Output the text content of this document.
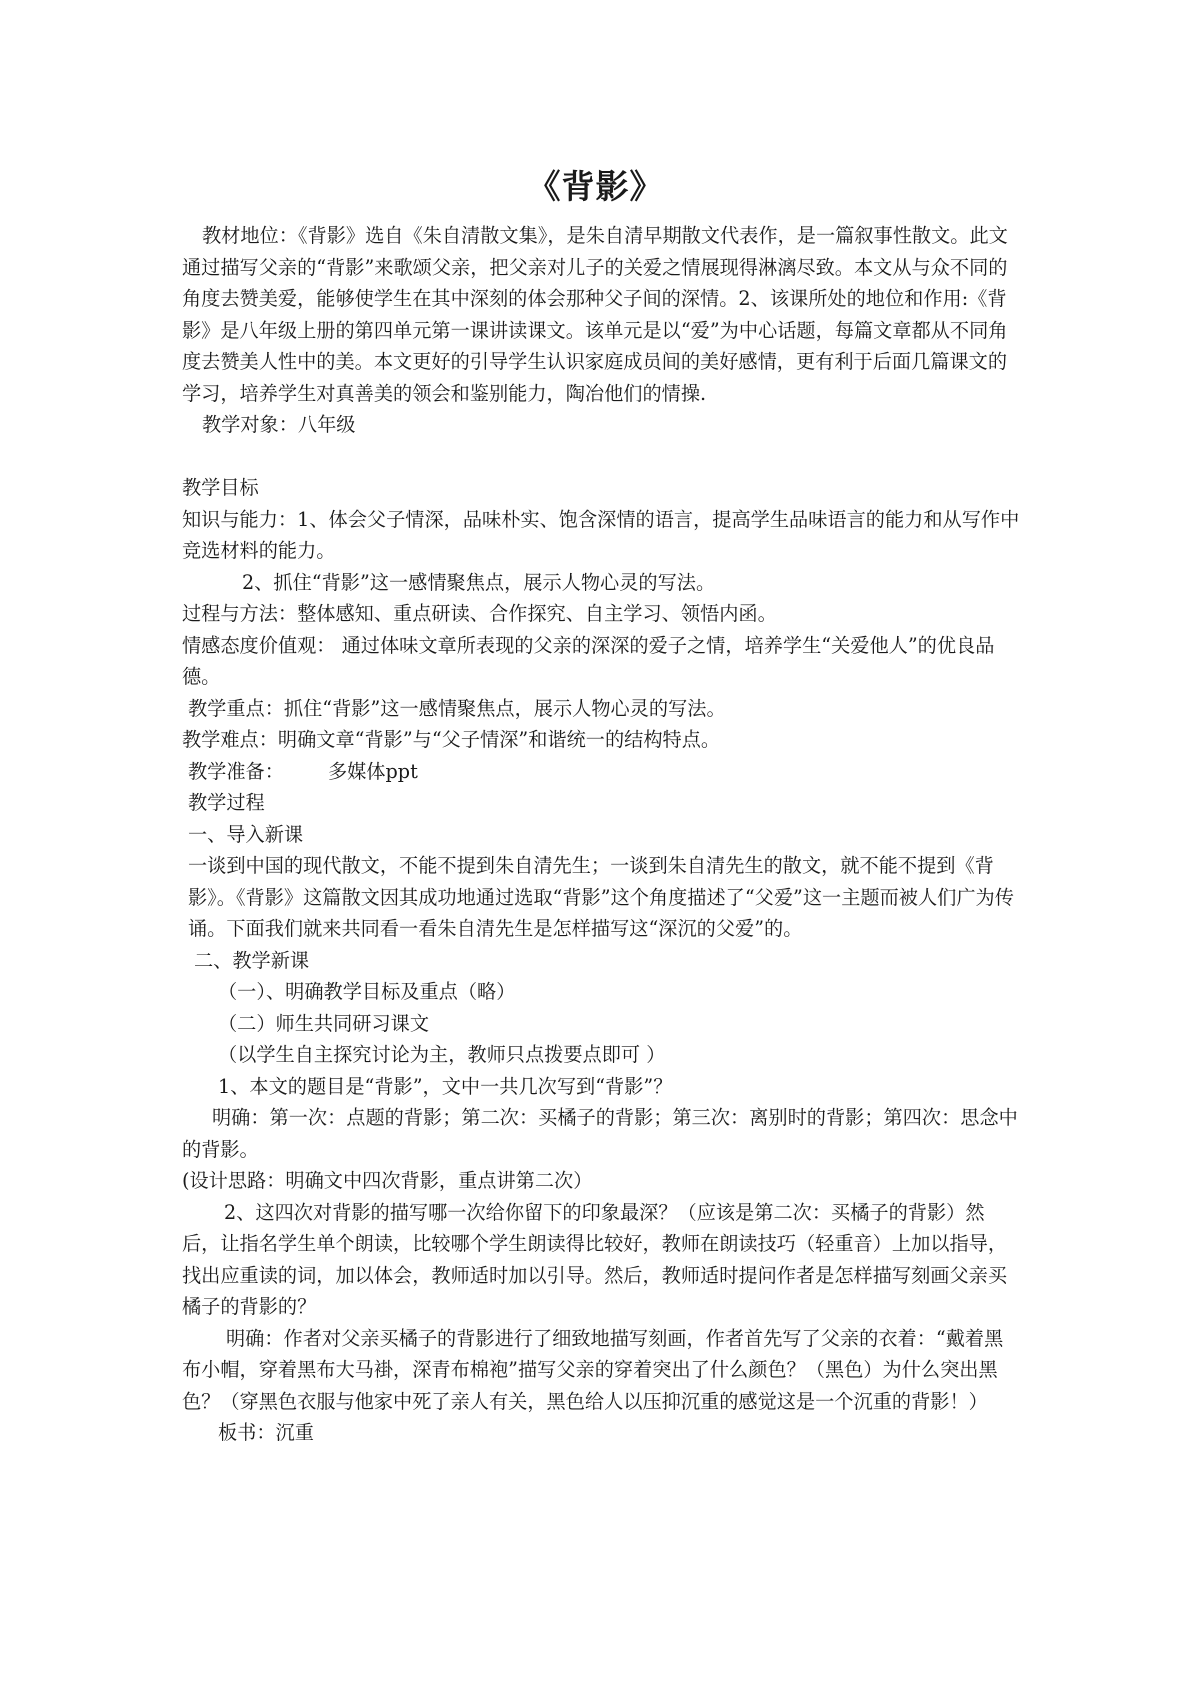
《背影》

教材地位：《背影》选自《朱自清散文集》，是朱自清早期散文代表作，是一篇叙事性散文。此文通过描写父亲的“背影”来歌颂父亲，把父亲对儿子的关爱之情展现得淋漓尽致。本文从与众不同的角度去赞美爱，能够使学生在其中深刻的体会那种父子间的深情。2、该课所处的地位和作用:《背影》是八年级上册的第四单元第一课讲读课文。该单元是以“爱”为中心话题，每篇文章都从不同角度去赞美人性中的美。本文更好的引导学生认识家庭成员间的美好感情，更有利于后面几篇课文的学习，培养学生对真善美的领会和鉴别能力，陶冶他们的情操.

教学对象：八年级

教学目标

知识与能力：1、体会父子情深，品味朴实、饱含深情的语言，提高学生品味语言的能力和从写作中竞选材料的能力。

2、抓住“背影”这一感情聚焦点，展示人物心灵的写法。

过程与方法：整体感知、重点研读、合作探究、自主学习、领悟内函。

情感态度价值观： 通过体味文章所表现的父亲的深深的爱子之情，培养学生“关爱他人”的优良品德。

教学重点：抓住“背影”这一感情聚焦点，展示人物心灵的写法。

教学难点：明确文章“背影”与“父子情深”和谐统一的结构特点。

教学准备： 多媒体ppt

教学过程

一、导入新课

一谈到中国的现代散文，不能不提到朱自清先生；一谈到朱自清先生的散文，就不能不提到《背影》。《背影》这篇散文因其成功地通过选取“背影”这个角度描述了“父爱”这一主题而被人们广为传诵。下面我们就来共同看一看朱自清先生是怎样描写这“深沉的父爱”的。

二、教学新课

（一）、明确教学目标及重点（略）

（二）师生共同研习课文

（以学生自主探究讨论为主，教师只点拨要点即可 ）

1、本文的题目是“背影”，文中一共几次写到“背影”？

明确：第一次：点题的背影；第二次：买橘子的背影；第三次：离别时的背影；第四次：思念中的背影。

(设计思路：明确文中四次背影，重点讲第二次）

2、这四次对背影的描写哪一次给你留下的印象最深？（应该是第二次：买橘子的背影）然后，让指名学生单个朗读，比较哪个学生朗读得比较好，教师在朗读技巧（轻重音）上加以指导，找出应重读的词，加以体会，教师适时加以引导。然后，教师适时提问作者是怎样描写刻画父亲买橘子的背影的？

明确：作者对父亲买橘子的背影进行了细致地描写刻画，作者首先写了父亲的衣着：“戴着黑布小帽，穿着黑布大马褂，深青布棉袍”描写父亲的穿着突出了什么颜色？（黑色）为什么突出黑色？（穿黑色衣服与他家中死了亲人有关，黑色给人以压抑沉重的感觉这是一个沉重的背影！）

板书：沉重
